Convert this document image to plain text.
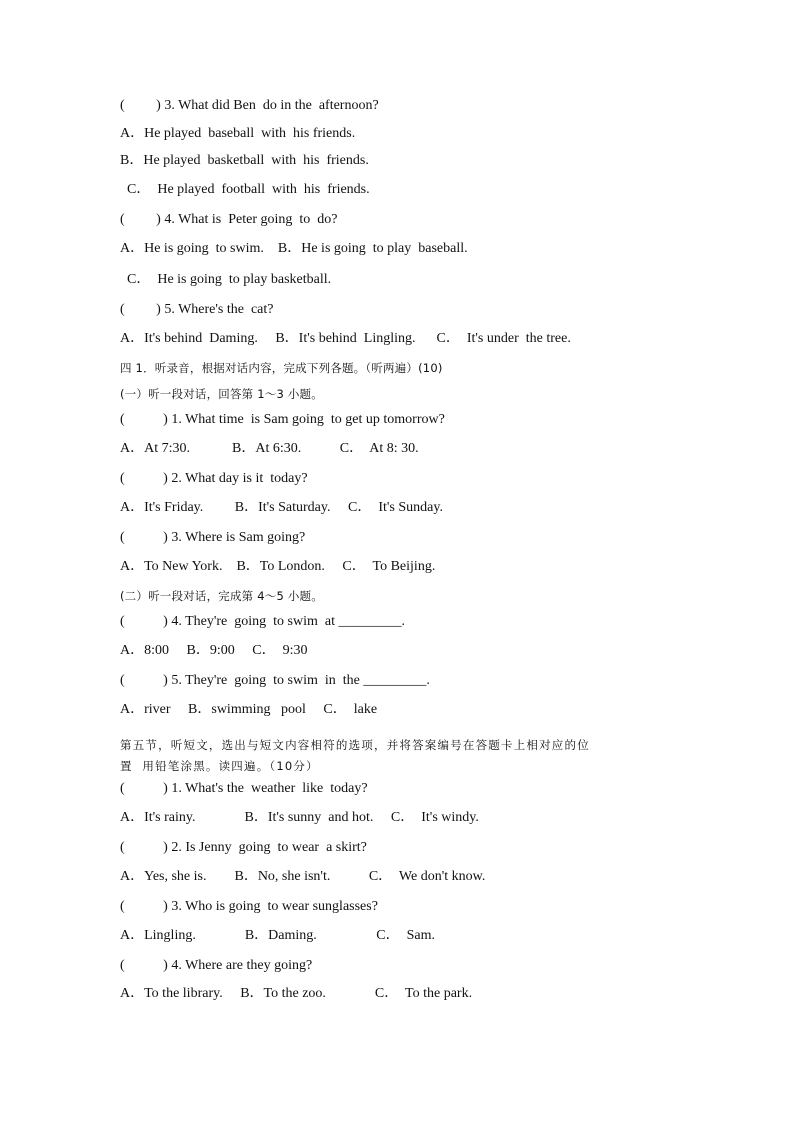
(         ) 3. What did Ben  do in the  afternoon?
A．He played  baseball  with  his friends.
B．He played  basketball  with  his  friends.
C．  He played  football  with  his  friends.
(         ) 4. What is  Peter going  to  do?
A．He is going  to swim.    B．He is going  to play  baseball.
C．  He is going  to play basketball.
(         ) 5. Where's the  cat?
A．It's behind  Daming.     B．It's behind  Lingling.      C．  It's under  the tree.
四 1．听录音，根据对话内容，完成下列各题。（听两遍）(10)
(一）听一段对话，回答第 1～3 小题。
(           ) 1. What time  is Sam going  to get up tomorrow?
A．At 7:30.            B．At 6:30.           C．  At 8: 30.
(           ) 2. What day is it  today?
A．It's Friday.         B．It's Saturday.     C．  It's Sunday.
(           ) 3. Where is Sam going?
A．To New York.    B．To London.     C．  To Beijing.
(二）听一段对话，完成第 4～5 小题。
(           ) 4. They're  going  to swim  at _________.
A．8:00     B．9:00     C．  9:30
(           ) 5. They're  going  to swim  in  the _________.
A．river     B．swimming   pool     C．  lake
第五节，听短文，选出与短文内容相符的选项，并将答案编号在答题卡上相对应的位
置  用铅笔涂黑。读四遍。（10分）
(           ) 1. What's the  weather  like  today?
A．It's rainy.              B．It's sunny  and hot.     C．  It's windy.
(           ) 2. Is Jenny  going  to wear  a skirt?
A．Yes, she is.        B．No, she isn't.           C．  We don't know.
(           ) 3. Who is going  to wear sunglasses?
A．Lingling.              B．Daming.                 C．  Sam.
(           ) 4. Where are they going?
A．To the library.     B．To the zoo.              C．  To the park.
